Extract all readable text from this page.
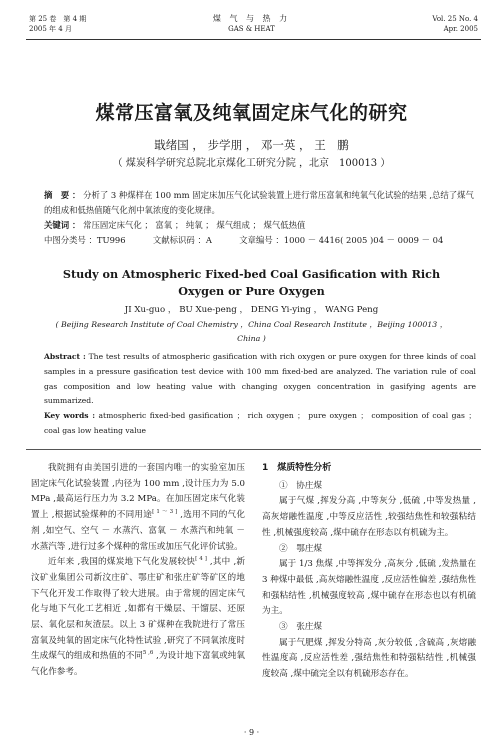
第 25 卷　第 4 期
2005 年 4 月
煤 气 与 热 力
GAS & HEAT
Vol. 25 No. 4
Apr. 2005
煤常压富氧及纯氧固定床气化的研究
戢绪国 ， 步学朋 ， 邓一英 ， 王　鹏
（ 煤炭科学研究总院北京煤化工研究分院 ，北京　100013 ）
摘　要 ： 分析了 3 种煤样在 100 mm 固定床加压气化试验装置上进行常压富氧和纯氧气化试验的结果 ,总结了煤气的组成和低热值随气化剂中氧浓度的变化规律。
关键词 ： 常压固定床气化 ； 富氧 ； 纯氧 ； 煤气组成 ； 煤气低热值
中图分类号 ：TU996	文献标识码 ：A	文章编号 ：1000 － 4416( 2005 )04 － 0009 － 04
Study on Atmospheric Fixed-bed Coal Gasification with Rich
Oxygen or Pure Oxygen
JI Xu-guo ， BU Xue-peng ， DENG Yi-ying ， WANG Peng
( Beijing Research Institute of Coal Chemistry ，China Coal Research Institute ，Beijing 100013 ，
China )
Abstract : The test results of atmospheric gasification with rich oxygen or pure oxygen for three kinds of coal samples in a pressure gasification test device with 100 mm fixed-bed are analyzed. The variation rule of coal gas composition and low heating value with changing oxygen concentration in gasifying agents are summarized.
Key words : atmospheric fixed-bed gasification ； rich oxygen ； pure oxygen ； composition of coal gas ； coal gas low heating value

我院拥有由美国引进的一套国内唯一的实验室加压固定床气化试验装置 ,内径为 100 mm ,设计压力为 5.0 MPa ,最高运行压力为 3.2 MPa。在加压固定床气化装置上 ,根据试验煤种的不同用途[ 1 ～ 3 ] ,选用不同的气化剂 ,如空气、空气 － 水蒸汽、富氧 － 水蒸汽和纯氧 － 水蒸汽等 ,进行过多个煤种的常压或加压气化评价试验。

近年来 ,我国的煤炭地下气化发展较快[ 4 ] ,其中 ,新汶矿业集团公司新汶庄矿、鄂庄矿和张庄矿等矿区的地下气化开发工作取得了较大进展。由于常规的固定床气化与地下气化工艺相近 ,如都有干燥层、干馏层、还原层、氧化层和灰渣层。以上 3 矿煤种在我院进行了常压富氧及纯氧的固定床气化特性试验 ,研究了不同氧浓度时生成煤气的组成和热值的不同$^{5 ,6}$ ,为设计地下富氧或纯氧气化作参考。

1　煤质特性分析

①　协庄煤

属于气煤 ,挥发分高 ,中等灰分 ,低硫 ,中等发热量 ,高灰熔融性温度 ,中等反应活性 ,较强结焦性和较强粘结性 ,机械强度较高 ,煤中硫存在形态以有机硫为主。

②　鄂庄煤

属于 1/3 焦煤 ,中等挥发分 ,高灰分 ,低硫 ,发热量在 3 种煤中最低 ,高灰熔融性温度 ,反应活性偏差 ,强结焦性和强粘结性 ,机械强度较高 ,煤中硫存在形态也以有机硫为主。

③　张庄煤

属于气肥煤 ,挥发分特高 ,灰分较低 ,含硫高 ,灰熔融性温度高 ,反应活性差 ,强结焦性和特强粘结性 ,机械强度较高 ,煤中硫完全以有机硫形态存在。

· 9 ·
